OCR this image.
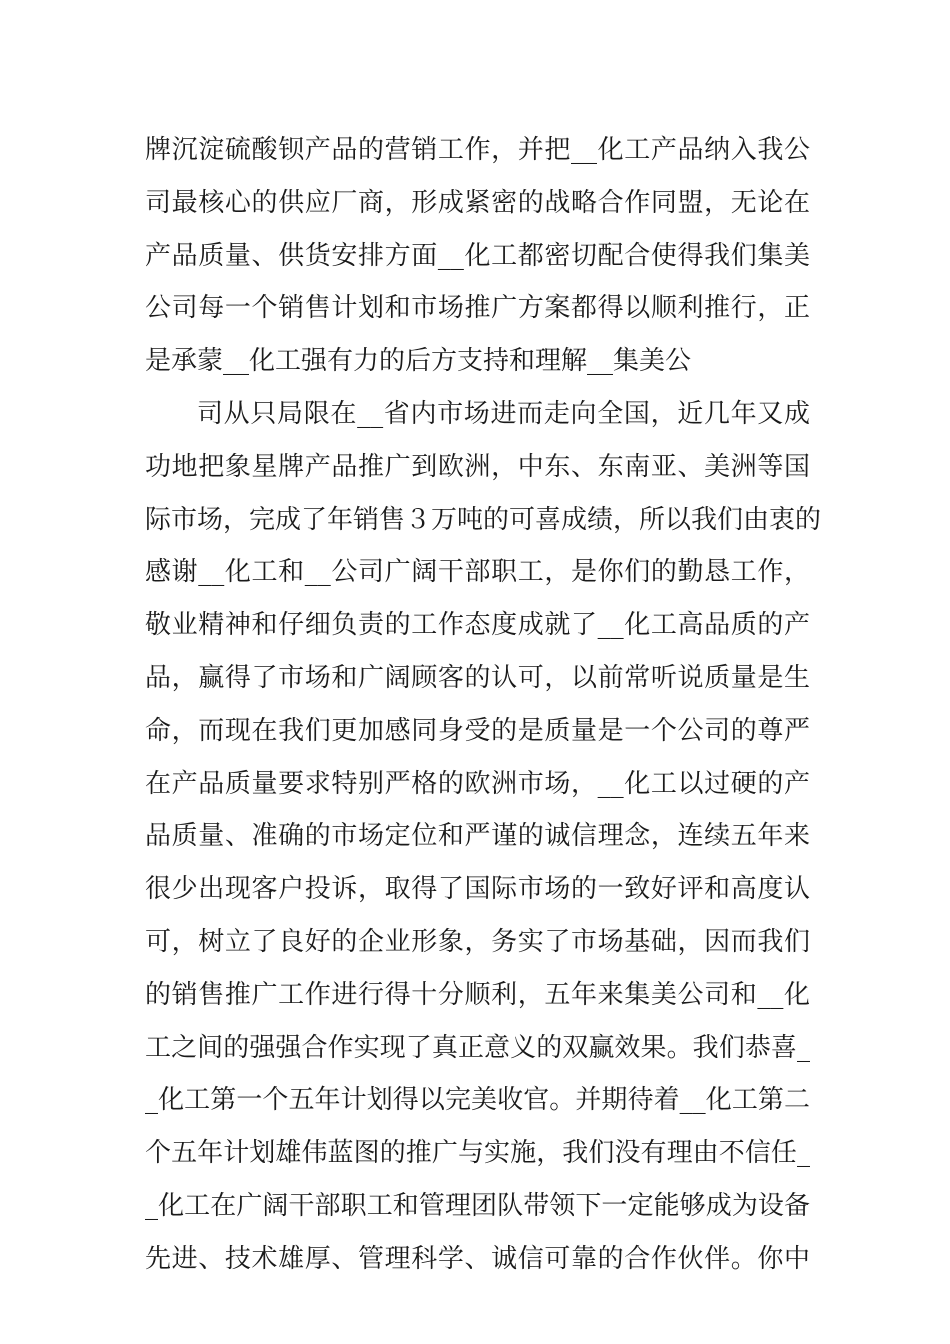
牌沉淀硫酸钡产品的营销工作，并把__化工产品纳入我公
司最核心的供应厂商，形成紧密的战略合作同盟，无论在
产品质量、供货安排方面__化工都密切配合使得我们集美
公司每一个销售计划和市场推广方案都得以顺利推行，正
是承蒙__化工强有力的后方支持和理解__集美公
司从只局限在__省内市场进而走向全国，近几年又成
功地把象星牌产品推广到欧洲，中东、东南亚、美洲等国
际市场，完成了年销售３万吨的可喜成绩，所以我们由衷的
感谢__化工和__公司广阔干部职工，是你们的勤恳工作，
敬业精神和仔细负责的工作态度成就了__化工高品质的产
品，赢得了市场和广阔顾客的认可，以前常听说质量是生
命，而现在我们更加感同身受的是质量是一个公司的尊严
在产品质量要求特别严格的欧洲市场，__化工以过硬的产
品质量、准确的市场定位和严谨的诚信理念，连续五年来
很少出现客户投诉，取得了国际市场的一致好评和高度认
可，树立了良好的企业形象，务实了市场基础，因而我们
的销售推广工作进行得十分顺利，五年来集美公司和__化
工之间的强强合作实现了真正意义的双赢效果。我们恭喜_
_化工第一个五年计划得以完美收官。并期待着__化工第二
个五年计划雄伟蓝图的推广与实施，我们没有理由不信任_
_化工在广阔干部职工和管理团队带领下一定能够成为设备
先进、技术雄厚、管理科学、诚信可靠的合作伙伴。你中
